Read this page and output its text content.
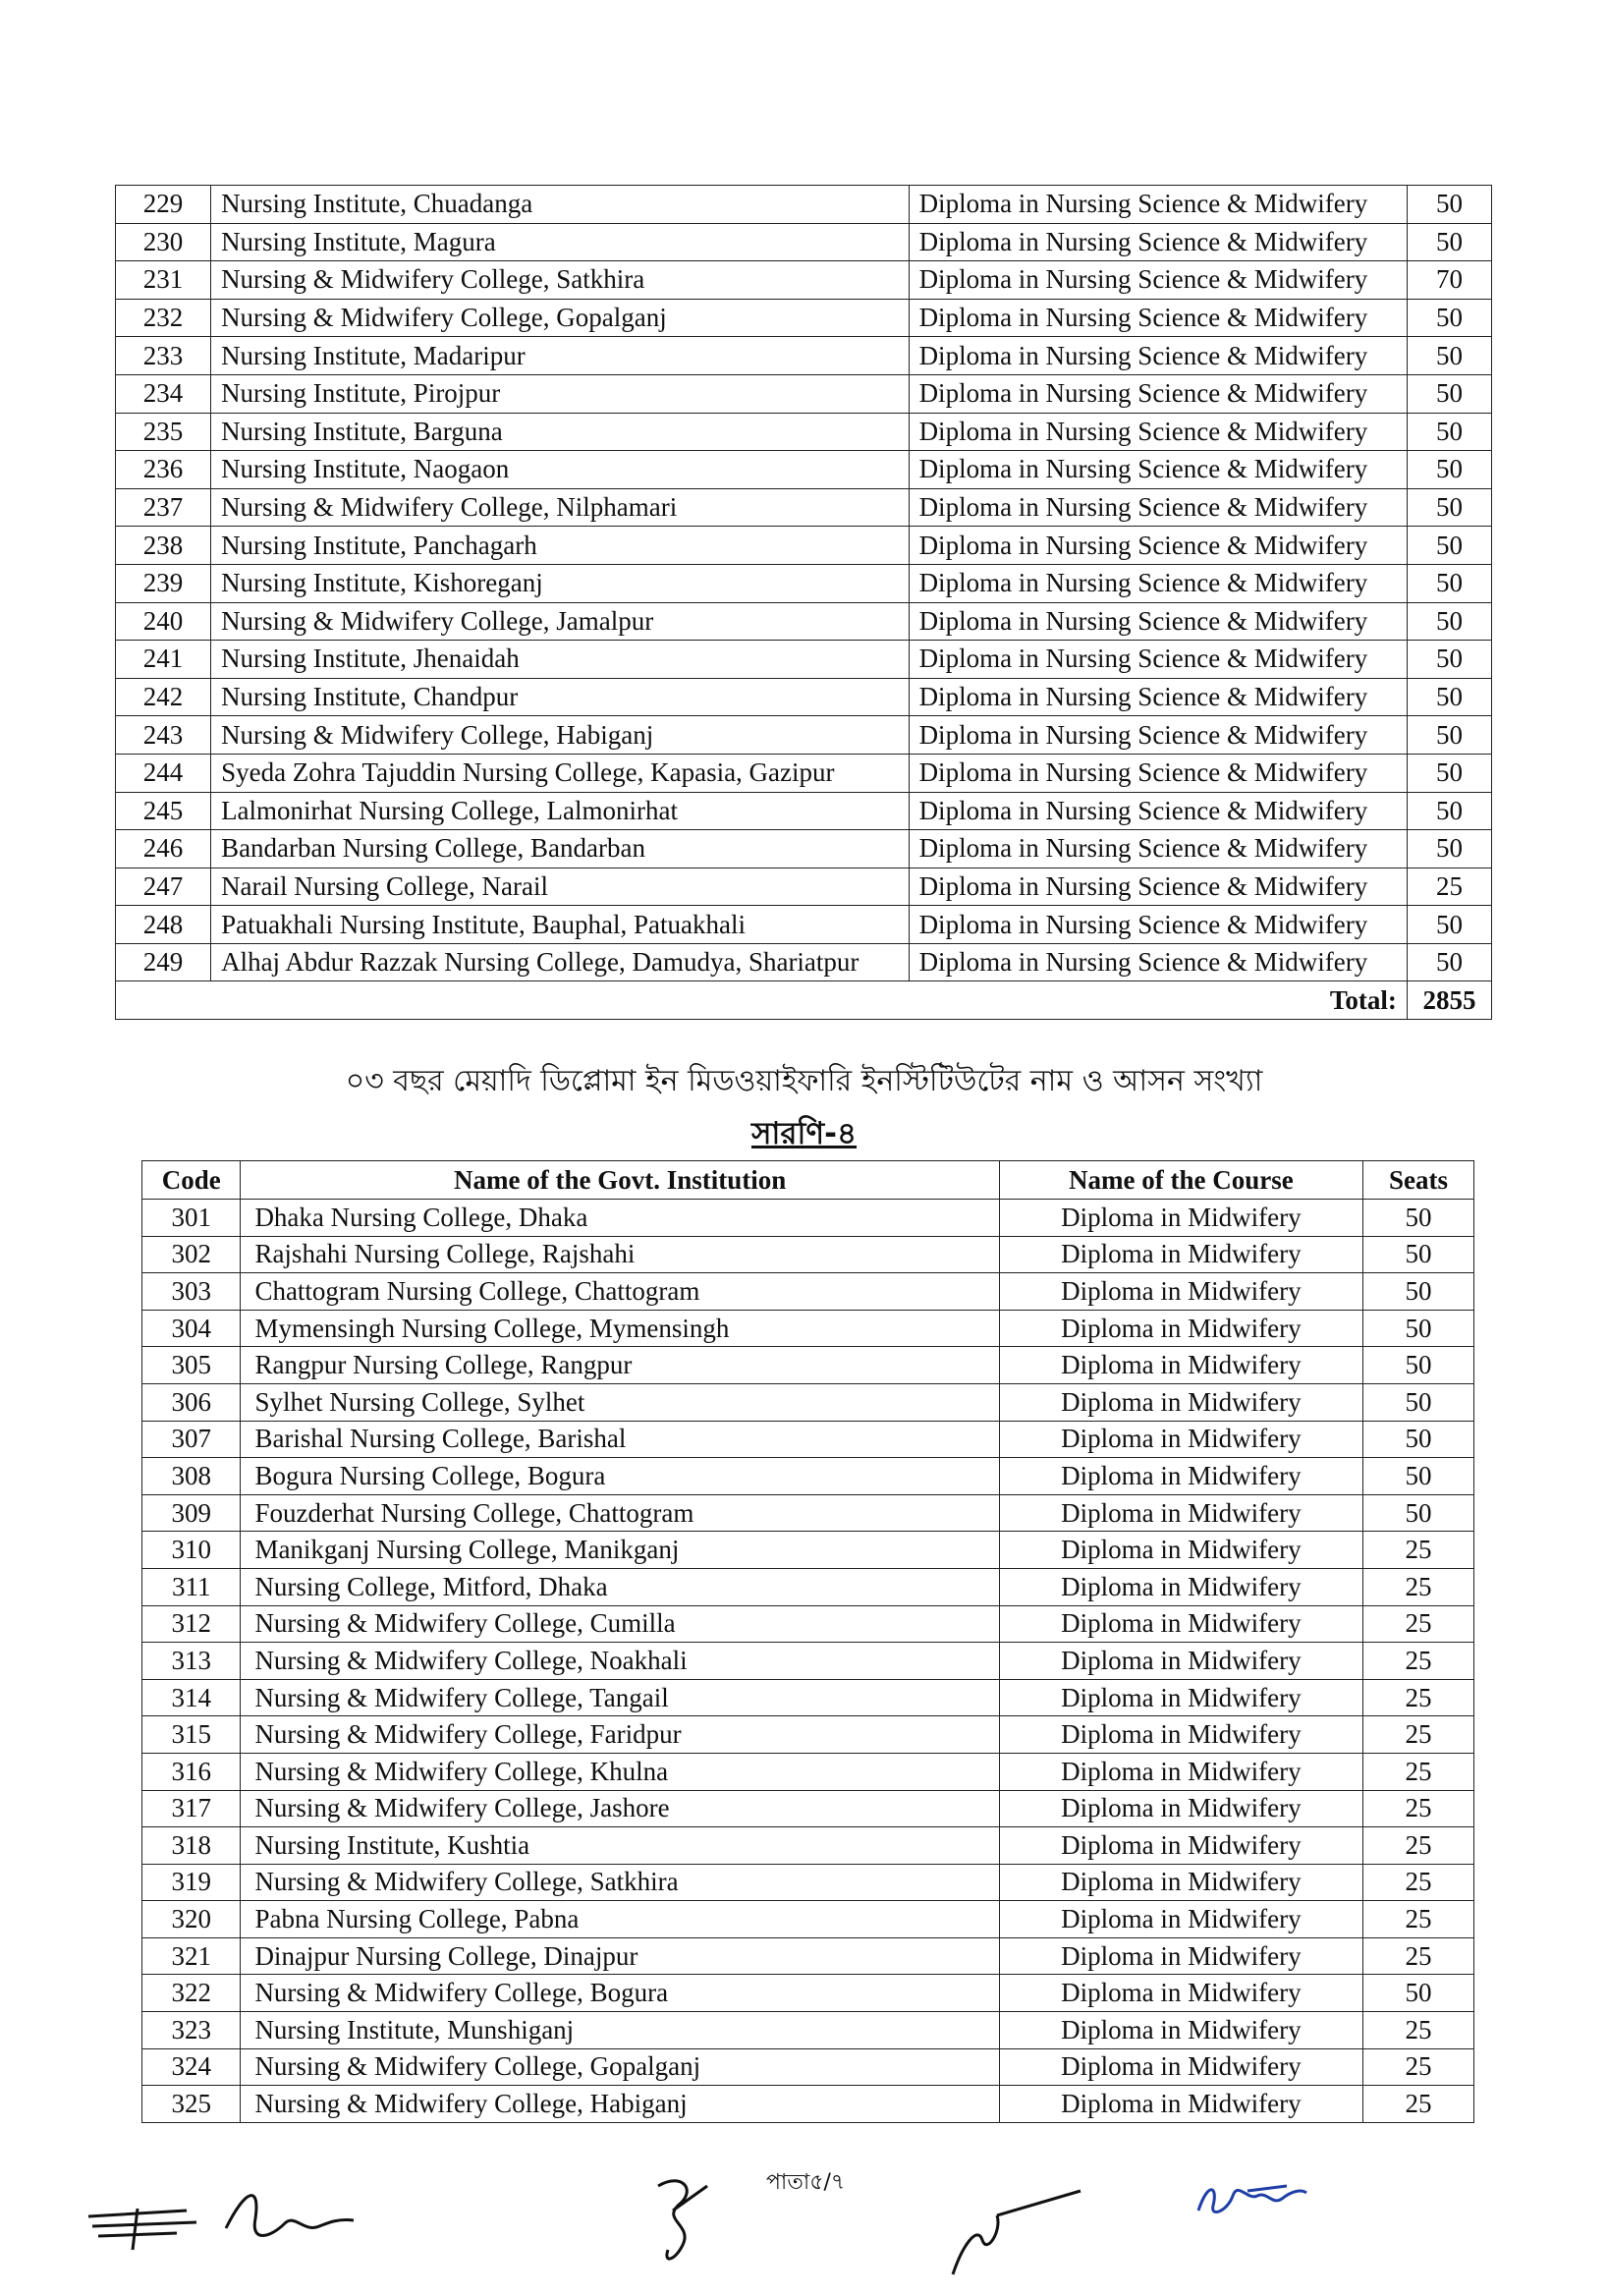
229	Nursing Institute, Chuadanga	Diploma in Nursing Science & Midwifery	50
230	Nursing Institute, Magura	Diploma in Nursing Science & Midwifery	50
231	Nursing & Midwifery College, Satkhira	Diploma in Nursing Science & Midwifery	70
232	Nursing & Midwifery College, Gopalganj	Diploma in Nursing Science & Midwifery	50
233	Nursing Institute, Madaripur	Diploma in Nursing Science & Midwifery	50
234	Nursing Institute, Pirojpur	Diploma in Nursing Science & Midwifery	50
235	Nursing Institute, Barguna	Diploma in Nursing Science & Midwifery	50
236	Nursing Institute, Naogaon	Diploma in Nursing Science & Midwifery	50
237	Nursing & Midwifery College, Nilphamari	Diploma in Nursing Science & Midwifery	50
238	Nursing Institute, Panchagarh	Diploma in Nursing Science & Midwifery	50
239	Nursing Institute, Kishoreganj	Diploma in Nursing Science & Midwifery	50
240	Nursing & Midwifery College, Jamalpur	Diploma in Nursing Science & Midwifery	50
241	Nursing Institute, Jhenaidah	Diploma in Nursing Science & Midwifery	50
242	Nursing Institute, Chandpur	Diploma in Nursing Science & Midwifery	50
243	Nursing & Midwifery College, Habiganj	Diploma in Nursing Science & Midwifery	50
244	Syeda Zohra Tajuddin Nursing College, Kapasia, Gazipur	Diploma in Nursing Science & Midwifery	50
245	Lalmonirhat Nursing College, Lalmonirhat	Diploma in Nursing Science & Midwifery	50
246	Bandarban Nursing College, Bandarban	Diploma in Nursing Science & Midwifery	50
247	Narail Nursing College, Narail	Diploma in Nursing Science & Midwifery	25
248	Patuakhali Nursing Institute, Bauphal, Patuakhali	Diploma in Nursing Science & Midwifery	50
249	Alhaj Abdur Razzak Nursing College, Damudya, Shariatpur	Diploma in Nursing Science & Midwifery	50
Total:			2855
০৩ বছর মেয়াদি ডিপ্লোমা ইন মিডওয়াইফারি ইনস্টিটিউটের নাম ও আসন সংখ্যা
সারণি-৪
Code	Name of the Govt. Institution	Name of the Course	Seats
301	Dhaka Nursing College, Dhaka	Diploma in Midwifery	50
302	Rajshahi Nursing College, Rajshahi	Diploma in Midwifery	50
303	Chattogram Nursing College, Chattogram	Diploma in Midwifery	50
304	Mymensingh Nursing College, Mymensingh	Diploma in Midwifery	50
305	Rangpur Nursing College, Rangpur	Diploma in Midwifery	50
306	Sylhet Nursing College, Sylhet	Diploma in Midwifery	50
307	Barishal Nursing College, Barishal	Diploma in Midwifery	50
308	Bogura Nursing College, Bogura	Diploma in Midwifery	50
309	Fouzderhat Nursing College, Chattogram	Diploma in Midwifery	50
310	Manikganj Nursing College, Manikganj	Diploma in Midwifery	25
311	Nursing College, Mitford, Dhaka	Diploma in Midwifery	25
312	Nursing & Midwifery College, Cumilla	Diploma in Midwifery	25
313	Nursing & Midwifery College, Noakhali	Diploma in Midwifery	25
314	Nursing & Midwifery College, Tangail	Diploma in Midwifery	25
315	Nursing & Midwifery College, Faridpur	Diploma in Midwifery	25
316	Nursing & Midwifery College, Khulna	Diploma in Midwifery	25
317	Nursing & Midwifery College, Jashore	Diploma in Midwifery	25
318	Nursing Institute, Kushtia	Diploma in Midwifery	25
319	Nursing & Midwifery College, Satkhira	Diploma in Midwifery	25
320	Pabna Nursing College, Pabna	Diploma in Midwifery	25
321	Dinajpur Nursing College, Dinajpur	Diploma in Midwifery	25
322	Nursing & Midwifery College, Bogura	Diploma in Midwifery	50
323	Nursing Institute, Munshiganj	Diploma in Midwifery	25
324	Nursing & Midwifery College, Gopalganj	Diploma in Midwifery	25
325	Nursing & Midwifery College, Habiganj	Diploma in Midwifery	25
পাতা৫/৭
